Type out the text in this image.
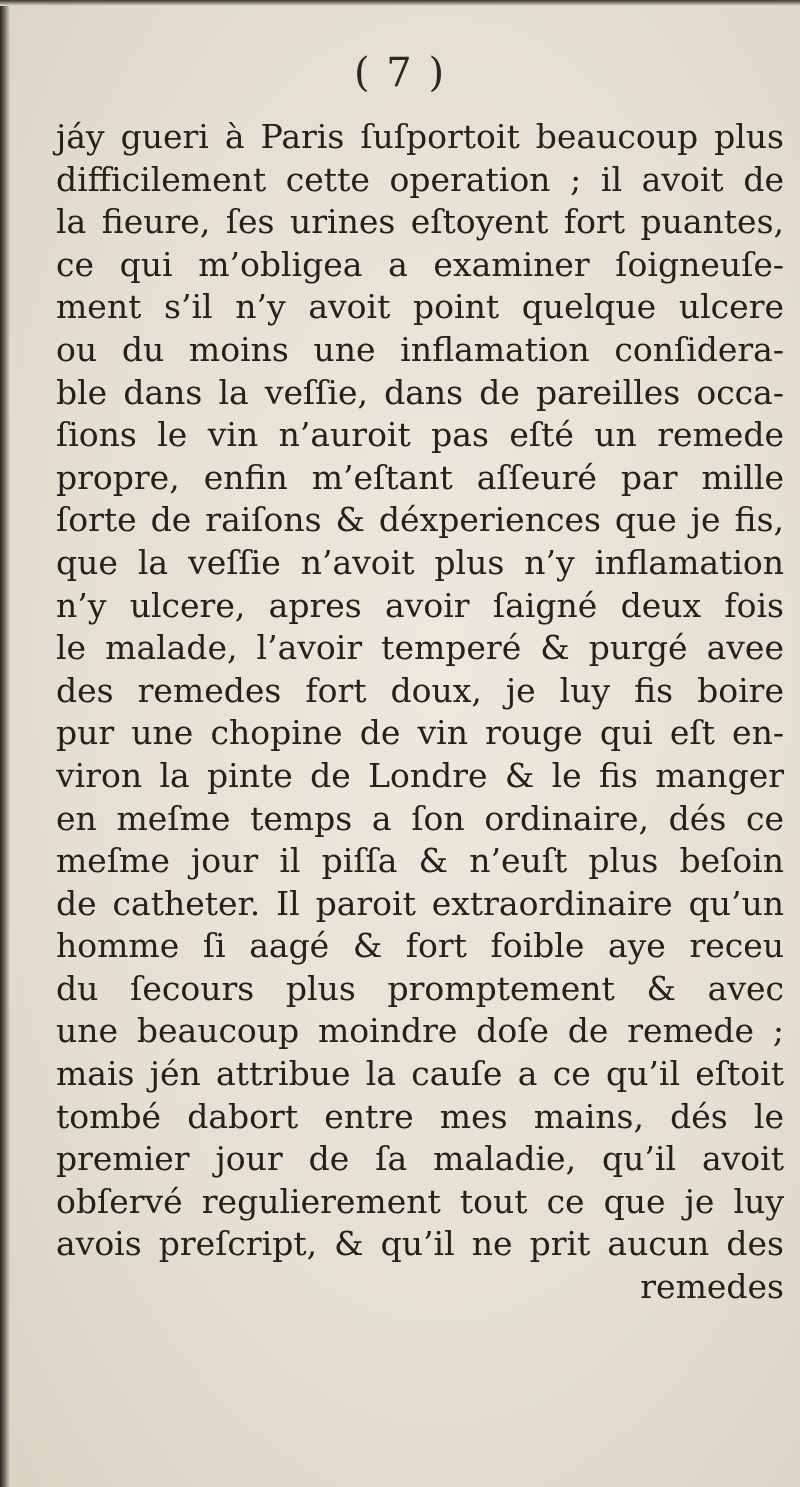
( 7 )
jáy gueri à Paris ſuſportoit beaucoup plus
difficilement cette operation ; il avoit de
la fieure, ſes urines eſtoyent fort puantes,
ce qui m’obligea a examiner ſoigneuſe-
ment s’il n’y avoit point quelque ulcere
ou du moins une inflamation conſidera-
ble dans la veſſie, dans de pareilles occa-
ſions le vin n’auroit pas eſté un remede
propre, enfin m’eſtant aſſeuré par mille
ſorte de raiſons & déxperiences que je fis,
que la veſſie n’avoit plus n’y inflamation
n’y ulcere, apres avoir ſaigné deux fois
le malade, l’avoir temperé & purgé avee
des remedes fort doux, je luy fis boire
pur une chopine de vin rouge qui eſt en-
viron la pinte de Londre & le fis manger
en meſme temps a ſon ordinaire, dés ce
meſme jour il piſſa & n’euſt plus beſoin
de catheter. Il paroit extraordinaire qu’un
homme ſi aagé & fort foible aye receu
du ſecours plus promptement & avec
une beaucoup moindre doſe de remede ;
mais jén attribue la cauſe a ce qu’il eſtoit
tombé dabort entre mes mains, dés le
premier jour de ſa maladie, qu’il avoit
obſervé regulierement tout ce que je luy
avois preſcript, & qu’il ne prit aucun des
remedes
